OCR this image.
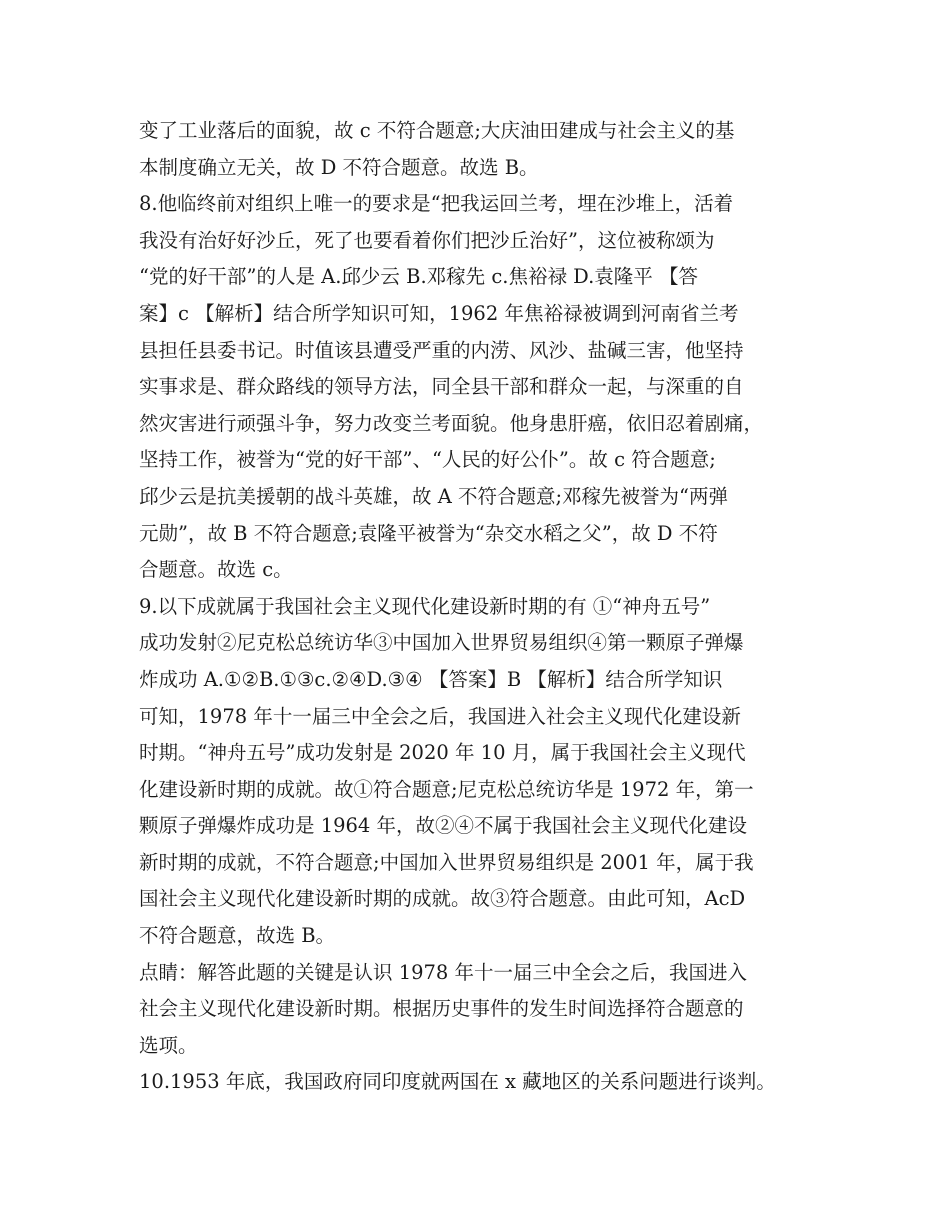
变了工业落后的面貌，故 c 不符合题意;大庆油田建成与社会主义的基
本制度确立无关，故 D 不符合题意。故选 B。
8.他临终前对组织上唯一的要求是“把我运回兰考，埋在沙堆上，活着
我没有治好好沙丘，死了也要看着你们把沙丘治好”，这位被称颂为
“党的好干部”的人是 A.邱少云 B.邓稼先 c.焦裕禄 D.袁隆平 【答
案】c 【解析】结合所学知识可知，1962 年焦裕禄被调到河南省兰考
县担任县委书记。时值该县遭受严重的内涝、风沙、盐碱三害，他坚持
实事求是、群众路线的领导方法，同全县干部和群众一起，与深重的自
然灾害进行顽强斗争，努力改变兰考面貌。他身患肝癌，依旧忍着剧痛，
坚持工作，被誉为“党的好干部”、“人民的好公仆”。故 c 符合题意;
邱少云是抗美援朝的战斗英雄，故 A 不符合题意;邓稼先被誉为“两弹
元勋”，故 B 不符合题意;袁隆平被誉为“杂交水稻之父”，故 D 不符
合题意。故选 c。
9.以下成就属于我国社会主义现代化建设新时期的有 ①“神舟五号”
成功发射②尼克松总统访华③中国加入世界贸易组织④第一颗原子弹爆
炸成功 A.①②B.①③c.②④D.③④ 【答案】B 【解析】结合所学知识
可知，1978 年十一届三中全会之后，我国进入社会主义现代化建设新
时期。“神舟五号”成功发射是 2020 年 10 月，属于我国社会主义现代
化建设新时期的成就。故①符合题意;尼克松总统访华是 1972 年，第一
颗原子弹爆炸成功是 1964 年，故②④不属于我国社会主义现代化建设
新时期的成就，不符合题意;中国加入世界贸易组织是 2001 年，属于我
国社会主义现代化建设新时期的成就。故③符合题意。由此可知，AcD
不符合题意，故选 B。
点睛：解答此题的关键是认识 1978 年十一届三中全会之后，我国进入
社会主义现代化建设新时期。根据历史事件的发生时间选择符合题意的
选项。
10.1953 年底，我国政府同印度就两国在 x 藏地区的关系问题进行谈判。
